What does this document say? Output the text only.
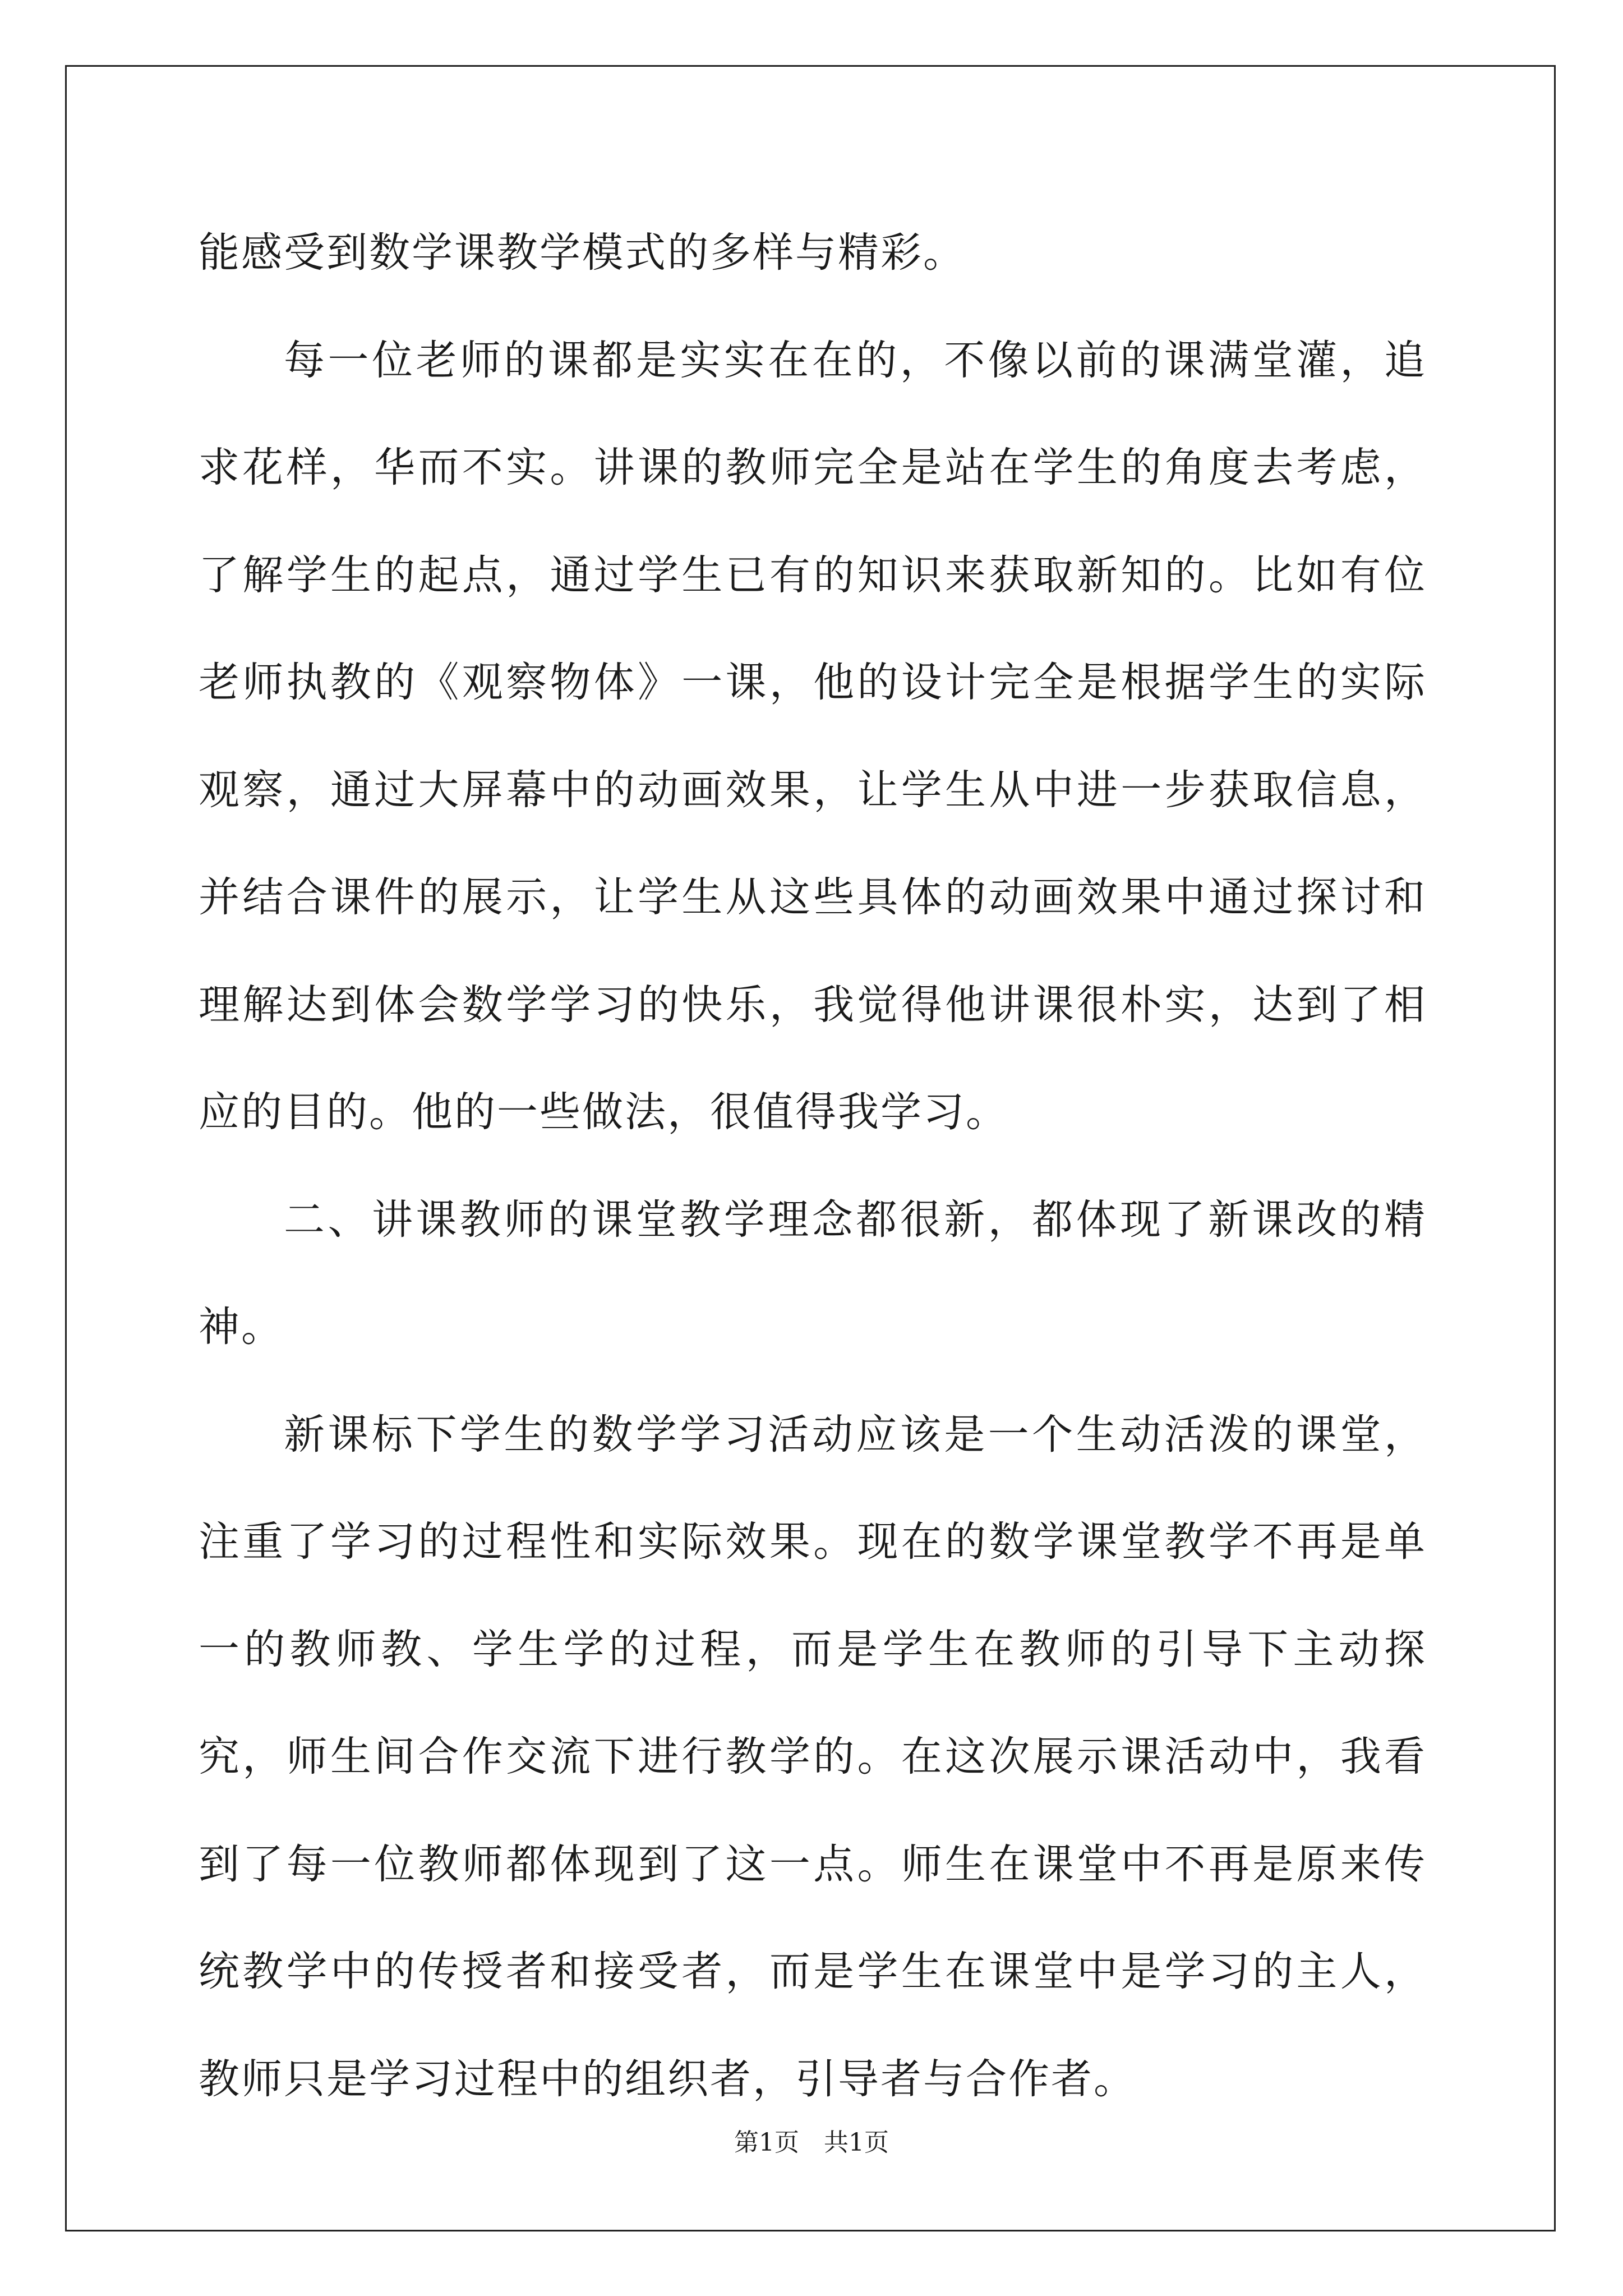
能感受到数学课教学模式的多样与精彩。

每一位老师的课都是实实在在的，不像以前的课满堂灌，追求花样，华而不实。讲课的教师完全是站在学生的角度去考虑，了解学生的起点，通过学生已有的知识来获取新知的。比如有位老师执教的《观察物体》一课，他的设计完全是根据学生的实际观察，通过大屏幕中的动画效果，让学生从中进一步获取信息，并结合课件的展示，让学生从这些具体的动画效果中通过探讨和理解达到体会数学学习的快乐，我觉得他讲课很朴实，达到了相应的目的。他的一些做法，很值得我学习。

二、讲课教师的课堂教学理念都很新，都体现了新课改的精神。

新课标下学生的数学学习活动应该是一个生动活泼的课堂，注重了学习的过程性和实际效果。现在的数学课堂教学不再是单一的教师教、学生学的过程，而是学生在教师的引导下主动探究，师生间合作交流下进行教学的。在这次展示课活动中，我看到了每一位教师都体现到了这一点。师生在课堂中不再是原来传统教学中的传授者和接受者，而是学生在课堂中是学习的主人，教师只是学习过程中的组织者，引导者与合作者。

第1页　共1页
